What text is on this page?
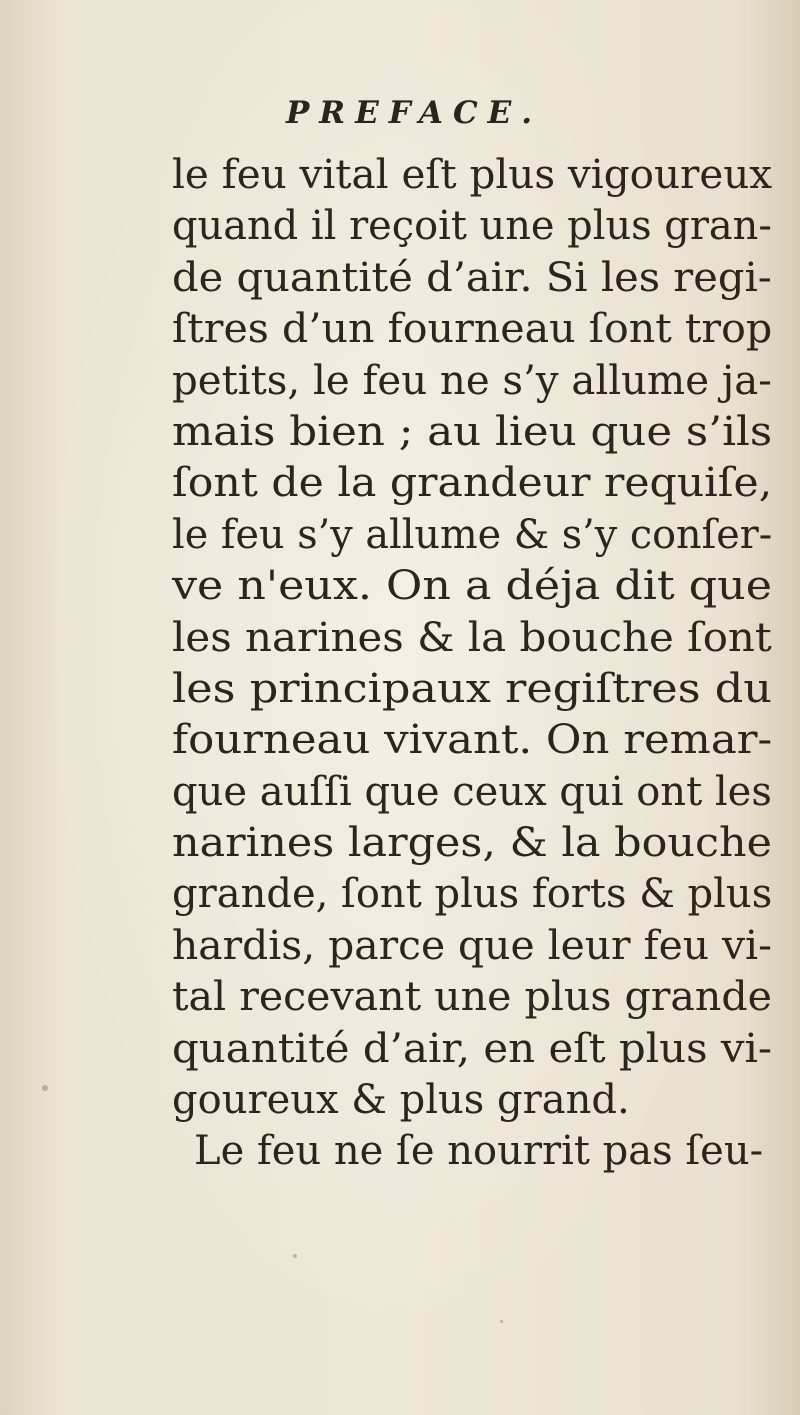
PREFACE.
le feu vital eſt plus vigoureux
quand il reçoit une plus gran-
de quantité d’air. Si les regi-
ſtres d’un fourneau ſont trop
petits, le feu ne s’y allume ja-
mais bien ; au lieu que s’ils
ſont de la grandeur requiſe,
le feu s’y allume & s’y conſer-
ve n'eux. On a déja dit que
les narines & la bouche ſont
les principaux regiſtres du
fourneau vivant. On remar-
que auſſi que ceux qui ont les
narines larges, & la bouche
grande, ſont plus forts & plus
hardis, parce que leur feu vi-
tal recevant une plus grande
quantité d’air, en eſt plus vi-
goureux & plus grand.
Le feu ne ſe nourrit pas ſeu-
